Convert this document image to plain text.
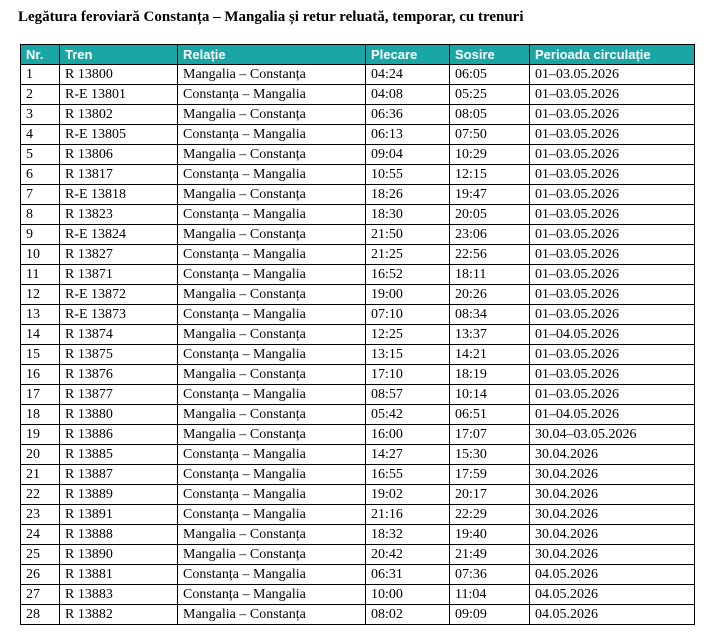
Legătura feroviară Constanța – Mangalia și retur reluată, temporar, cu trenuri
Nr.	Tren	Relație	Plecare	Sosire	Perioada circulație
1	R 13800	Mangalia – Constanța	04:24	06:05	01–03.05.2026
2	R-E 13801	Constanța – Mangalia	04:08	05:25	01–03.05.2026
3	R 13802	Mangalia – Constanța	06:36	08:05	01–03.05.2026
4	R-E 13805	Constanța – Mangalia	06:13	07:50	01–03.05.2026
5	R 13806	Mangalia – Constanța	09:04	10:29	01–03.05.2026
6	R 13817	Constanța – Mangalia	10:55	12:15	01–03.05.2026
7	R-E 13818	Mangalia – Constanța	18:26	19:47	01–03.05.2026
8	R 13823	Constanța – Mangalia	18:30	20:05	01–03.05.2026
9	R-E 13824	Mangalia – Constanța	21:50	23:06	01–03.05.2026
10	R 13827	Constanța – Mangalia	21:25	22:56	01–03.05.2026
11	R 13871	Constanța – Mangalia	16:52	18:11	01–03.05.2026
12	R-E 13872	Mangalia – Constanța	19:00	20:26	01–03.05.2026
13	R-E 13873	Constanța – Mangalia	07:10	08:34	01–03.05.2026
14	R 13874	Mangalia – Constanța	12:25	13:37	01–04.05.2026
15	R 13875	Constanța – Mangalia	13:15	14:21	01–03.05.2026
16	R 13876	Mangalia – Constanța	17:10	18:19	01–03.05.2026
17	R 13877	Constanța – Mangalia	08:57	10:14	01–03.05.2026
18	R 13880	Mangalia – Constanța	05:42	06:51	01–04.05.2026
19	R 13886	Mangalia – Constanța	16:00	17:07	30.04–03.05.2026
20	R 13885	Constanța – Mangalia	14:27	15:30	30.04.2026
21	R 13887	Constanța – Mangalia	16:55	17:59	30.04.2026
22	R 13889	Constanța – Mangalia	19:02	20:17	30.04.2026
23	R 13891	Constanța – Mangalia	21:16	22:29	30.04.2026
24	R 13888	Mangalia – Constanța	18:32	19:40	30.04.2026
25	R 13890	Mangalia – Constanța	20:42	21:49	30.04.2026
26	R 13881	Constanța – Mangalia	06:31	07:36	04.05.2026
27	R 13883	Constanța – Mangalia	10:00	11:04	04.05.2026
28	R 13882	Mangalia – Constanța	08:02	09:09	04.05.2026
